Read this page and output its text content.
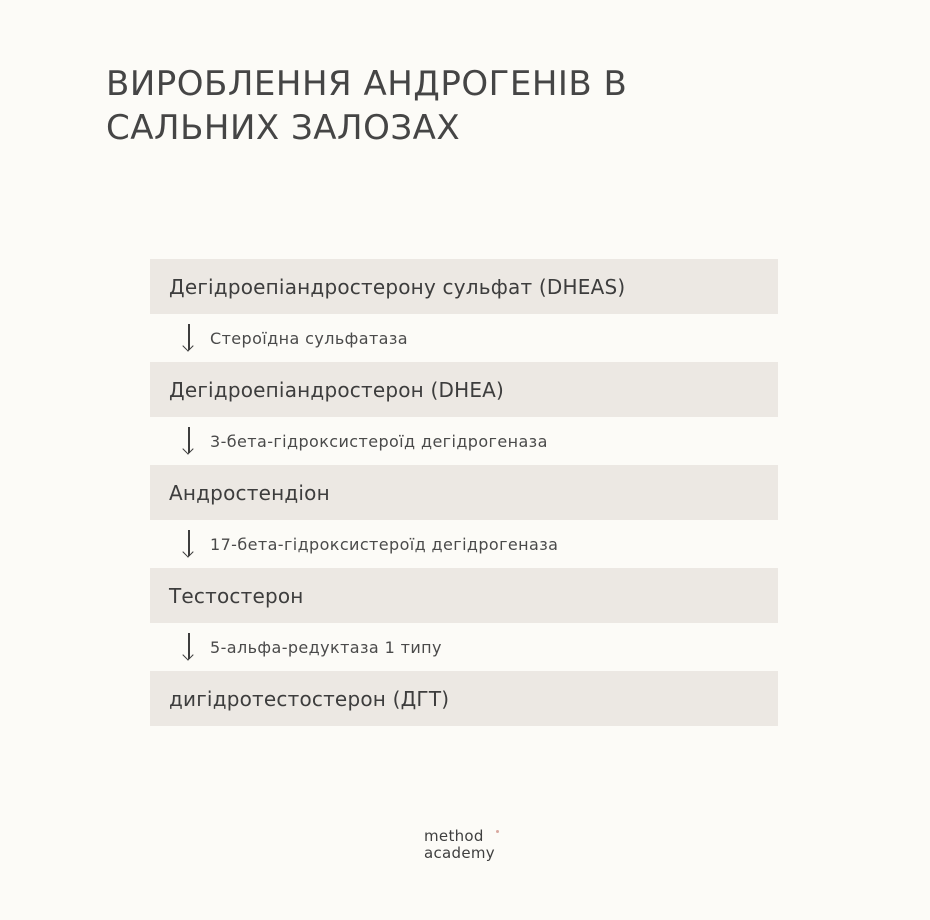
ВИРОБЛЕННЯ АНДРОГЕНІВ В
САЛЬНИХ ЗАЛОЗАХ
Дегідроепіандростерону сульфат (DHEAS)
Стероїдна сульфатаза
Дегідроепіандростерон (DHEA)
3-бета-гідроксистероїд дегідрогеназа
Андростендіон
17-бета-гідроксистероїд дегідрогеназа
Тестостерон
5-альфа-редуктаза 1 типу
дигідротестостерон (ДГТ)
method
academy
